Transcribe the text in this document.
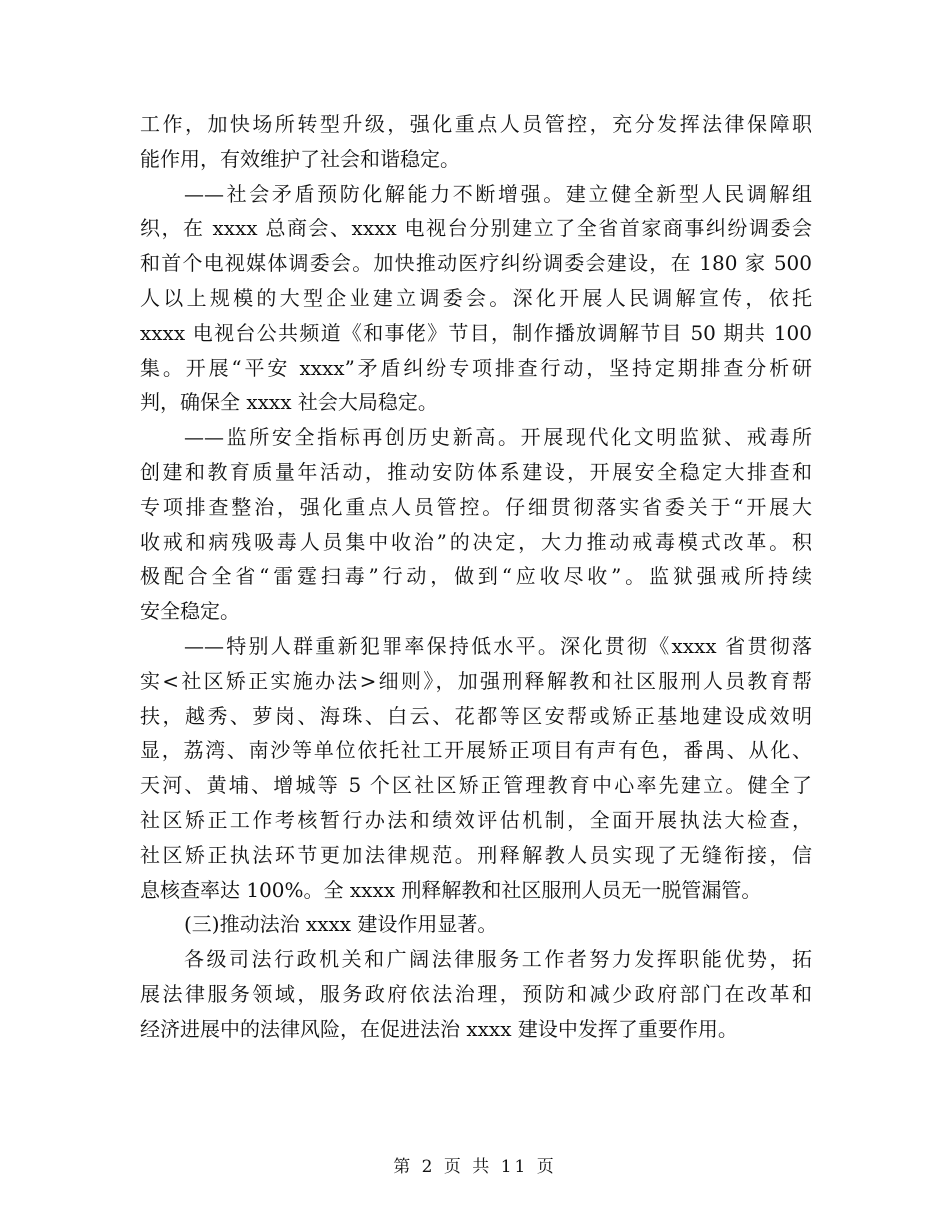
工作，加快场所转型升级，强化重点人员管控，充分发挥法律保障职
能作用，有效维护了社会和谐稳定。
——社会矛盾预防化解能力不断增强。建立健全新型人民调解组
织，在 xxxx 总商会、xxxx 电视台分别建立了全省首家商事纠纷调委会
和首个电视媒体调委会。加快推动医疗纠纷调委会建设，在 180 家 500
人以上规模的大型企业建立调委会。深化开展人民调解宣传，依托
xxxx 电视台公共频道《和事佬》节目，制作播放调解节目 50 期共 100
集。开展“平安 xxxx”矛盾纠纷专项排查行动，坚持定期排查分析研
判，确保全 xxxx 社会大局稳定。
——监所安全指标再创历史新高。开展现代化文明监狱、戒毒所
创建和教育质量年活动，推动安防体系建设，开展安全稳定大排查和
专项排查整治，强化重点人员管控。仔细贯彻落实省委关于“开展大
收戒和病残吸毒人员集中收治”的决定，大力推动戒毒模式改革。积
极配合全省“雷霆扫毒”行动，做到“应收尽收”。监狱强戒所持续
安全稳定。
——特别人群重新犯罪率保持低水平。深化贯彻《xxxx 省贯彻落
实<社区矫正实施办法>细则》，加强刑释解教和社区服刑人员教育帮
扶，越秀、萝岗、海珠、白云、花都等区安帮或矫正基地建设成效明
显，荔湾、南沙等单位依托社工开展矫正项目有声有色，番禺、从化、
天河、黄埔、增城等 5 个区社区矫正管理教育中心率先建立。健全了
社区矫正工作考核暂行办法和绩效评估机制，全面开展执法大检查，
社区矫正执法环节更加法律规范。刑释解教人员实现了无缝衔接，信
息核查率达 100%。全 xxxx 刑释解教和社区服刑人员无一脱管漏管。
(三)推动法治 xxxx 建设作用显著。
各级司法行政机关和广阔法律服务工作者努力发挥职能优势，拓
展法律服务领域，服务政府依法治理，预防和减少政府部门在改革和
经济进展中的法律风险，在促进法治 xxxx 建设中发挥了重要作用。
第 2 页 共 11 页
